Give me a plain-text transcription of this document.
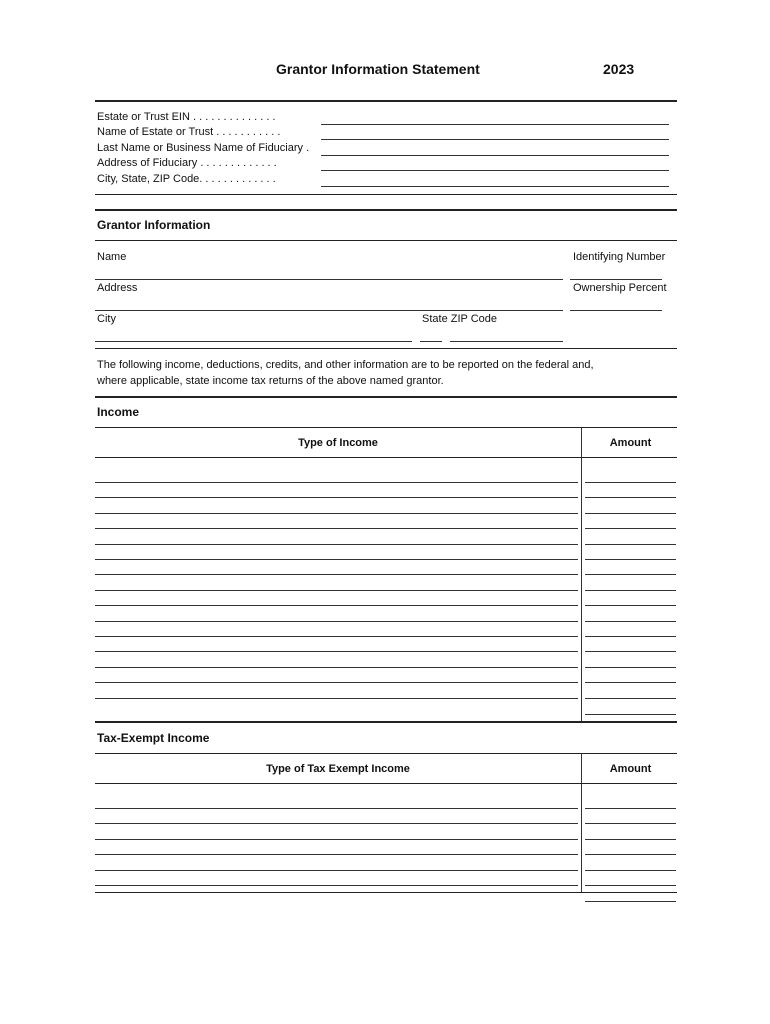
Grantor Information Statement	2023
Estate or Trust EIN . . . . . . . . . . . . . .
Name of Estate or Trust . . . . . . . . . . .
Last Name or Business Name of Fiduciary .
Address of Fiduciary . . . . . . . . . . . . .
City, State, ZIP Code. . . . . . . . . . . . .
Grantor Information
Name	Identifying Number
Address	Ownership Percent
City	State ZIP Code
The following income, deductions, credits, and other information are to be reported on the federal and,
where applicable, state income tax returns of the above named grantor.
Income
Type of Income	Amount
Tax-Exempt Income
Type of Tax Exempt Income	Amount
